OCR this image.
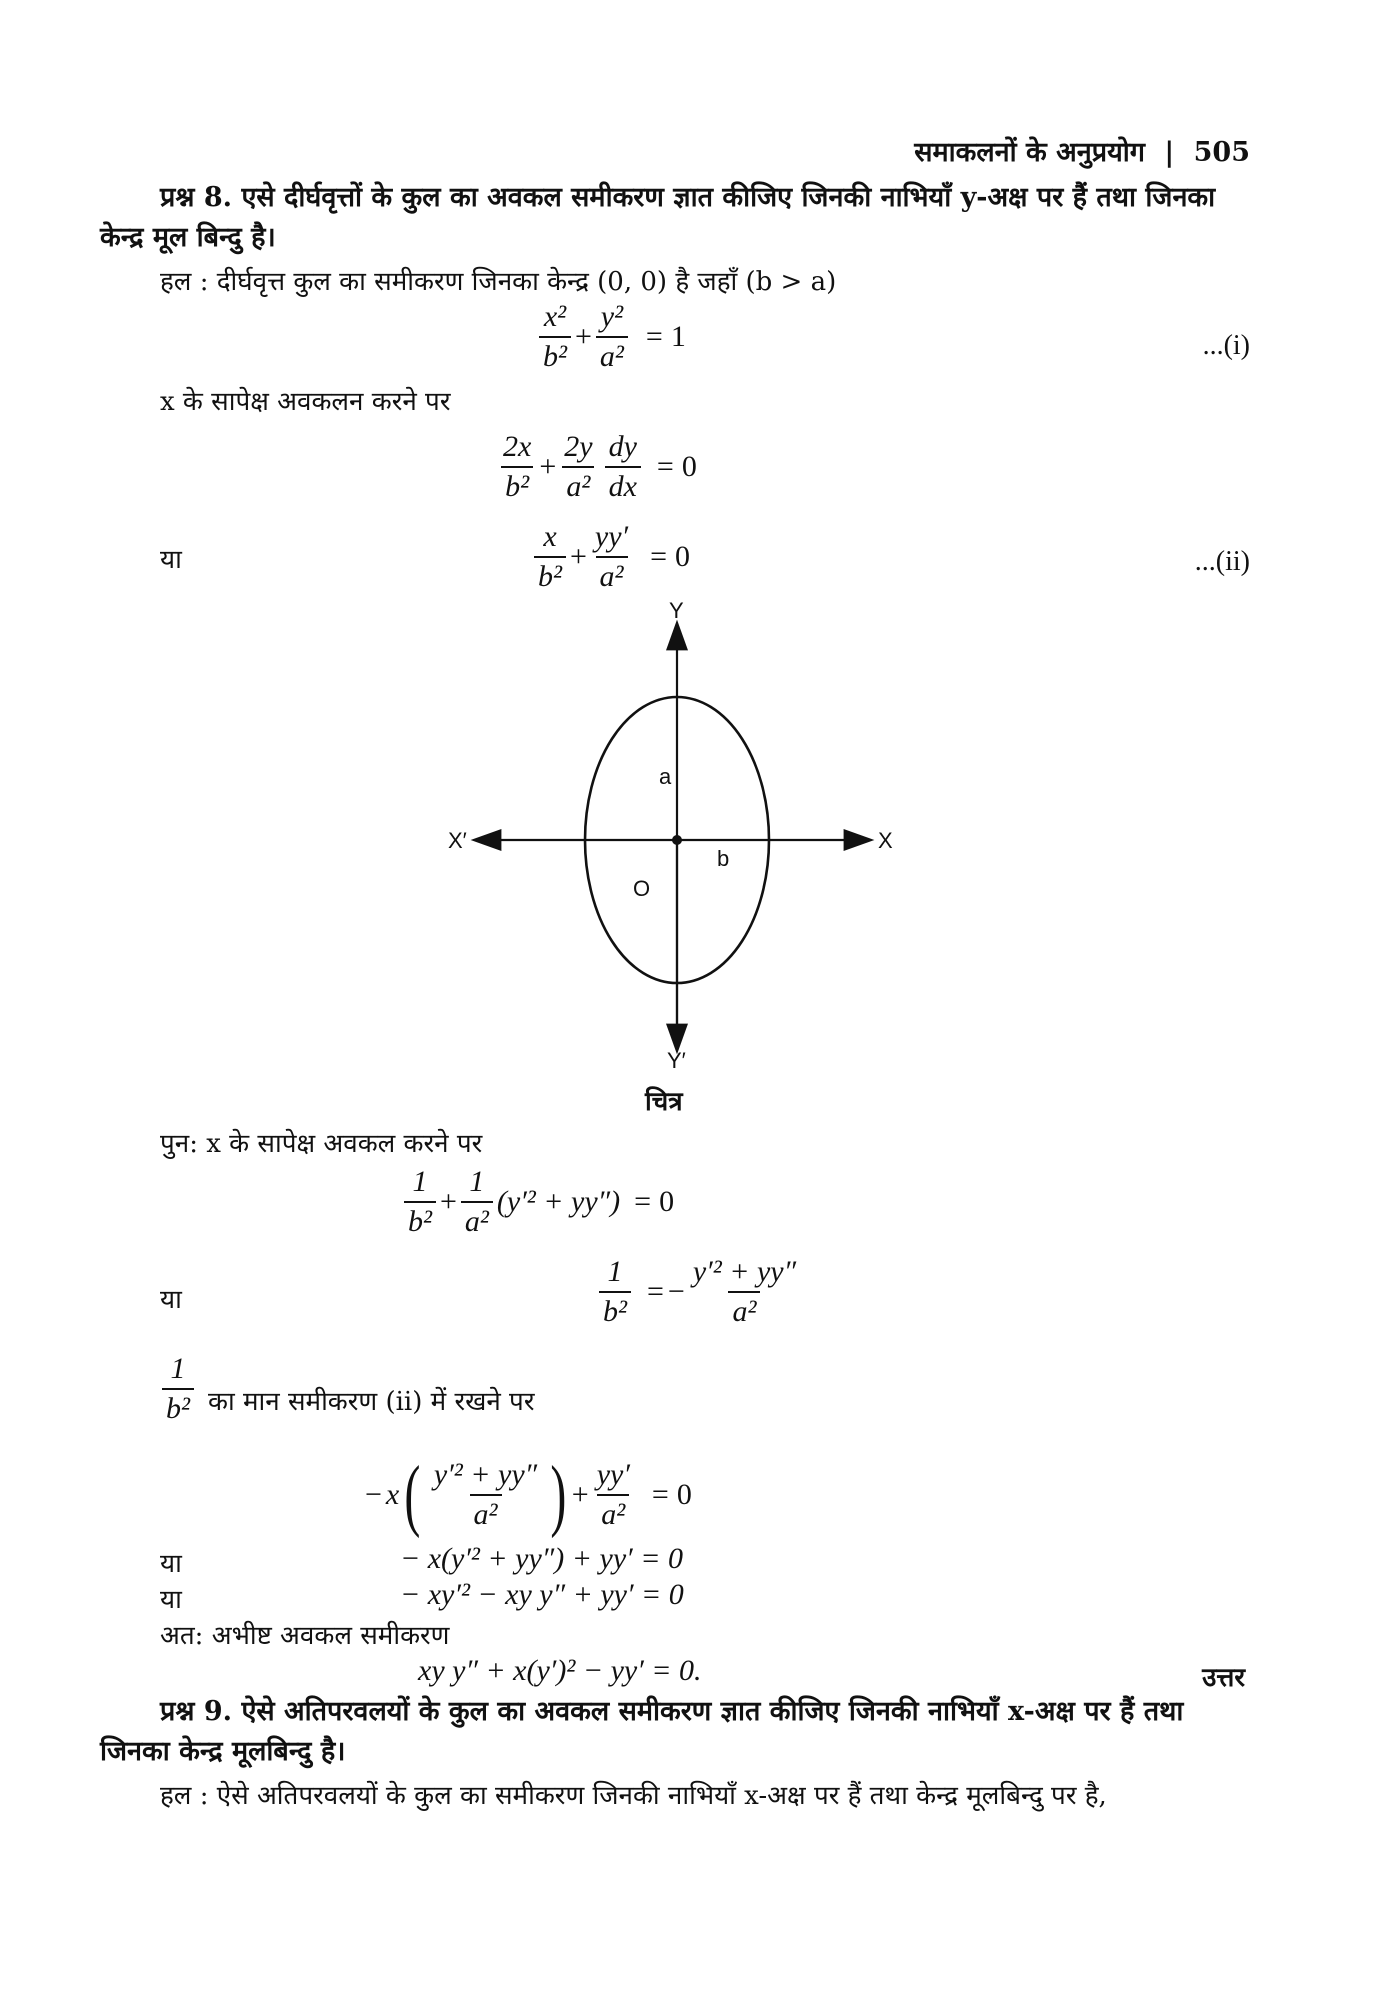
समाकलनों के अनुप्रयोग | 505
प्रश्न 8. एसे दीर्घवृत्तों के कुल का अवकल समीकरण ज्ञात कीजिए जिनकी नाभियाँ y-अक्ष पर हैं तथा जिनका केन्द्र मूल बिन्दु है।
हल : दीर्घवृत्त कुल का समीकरण जिनका केन्द्र (0, 0) है जहाँ (b > a)
$\frac{\text{x²}}{\text{b²}} + \frac{\text{y²}}{\text{a²}} = 1$	...(i)
x के सापेक्ष अवकलन करने पर
$\frac{2x}{\text{b²}} + \frac{2y}{\text{a²}} \frac{dy}{dx} = 0$
या	$\frac{x}{\text{b²}} + \frac{yy'}{\text{a²}} = 0$	...(ii)
Y
Y′
X′	X
a
b
O
चित्र
पुन: x के सापेक्ष अवकल करने पर
$\frac{1}{\text{b²}} + \frac{1}{\text{a²}} (y'^2 + yy'') = 0$
या	$\frac{1}{\text{b²}}$ = − $\frac{\text{y′² + yy″}}{\text{a²}}$
$\frac{1}{\text{b²}}$ का मान समीकरण (ii) में रखने पर
− x ( $\frac{\text{y′² + yy″}}{\text{a²}}$ ) + $\frac{yy'}{\text{a²}} = 0$
या	− x(y′² + yy″) + yy′ = 0
या	− xy′² − xy y″ + yy′ = 0
अत: अभीष्ट अवकल समीकरण
xy y″ + x(y′)² − yy′ = 0.	उत्तर
प्रश्न 9. ऐसे अतिपरवलयों के कुल का अवकल समीकरण ज्ञात कीजिए जिनकी नाभियाँ x-अक्ष पर हैं तथा जिनका केन्द्र मूलबिन्दु है।
हल : ऐसे अतिपरवलयों के कुल का समीकरण जिनकी नाभियाँ x-अक्ष पर हैं तथा केन्द्र मूलबिन्दु पर है,
